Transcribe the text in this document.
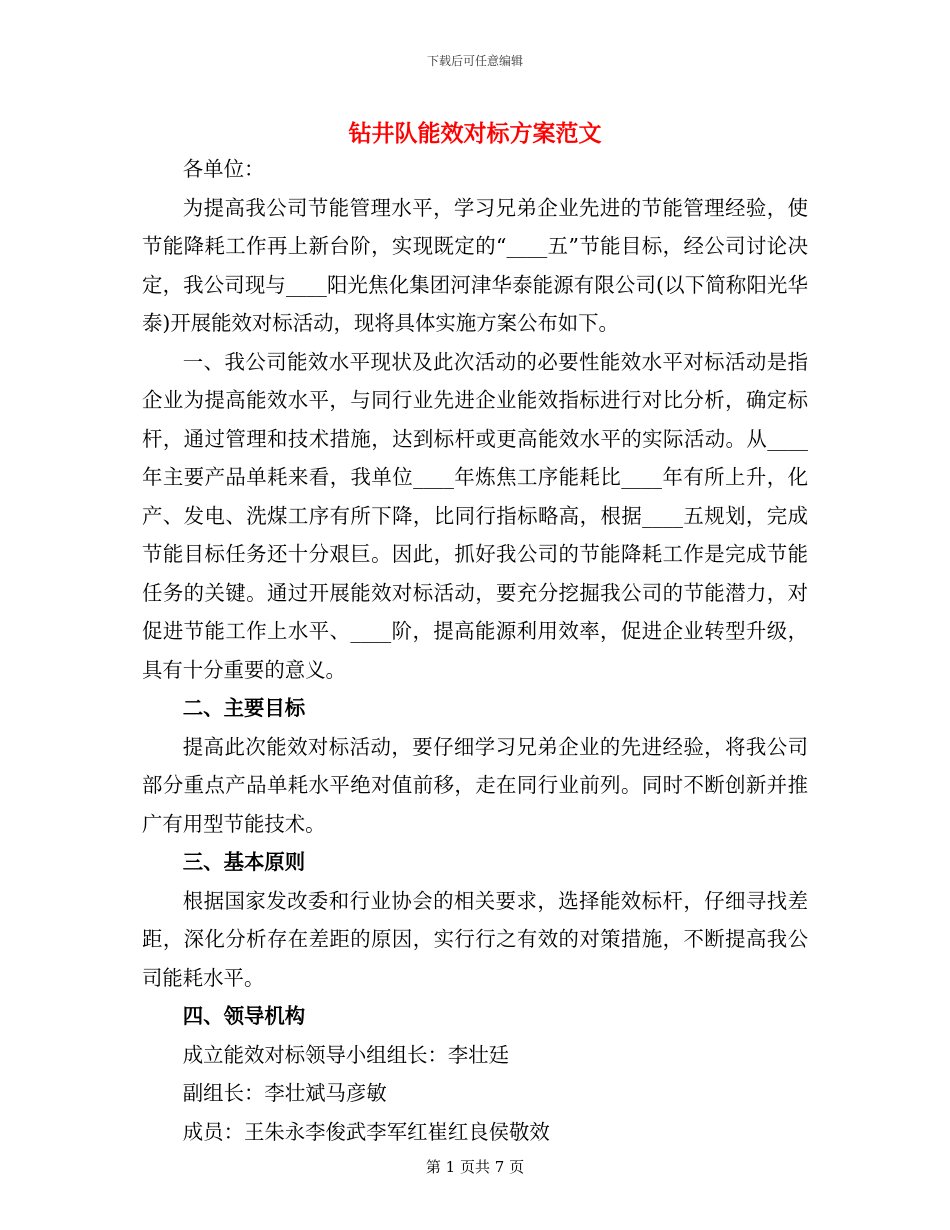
下载后可任意编辑
钻井队能效对标方案范文
各单位：

为提高我公司节能管理水平，学习兄弟企业先进的节能管理经验，使节能降耗工作再上新台阶，实现既定的“____五”节能目标，经公司讨论决定，我公司现与____阳光焦化集团河津华泰能源有限公司(以下简称阳光华泰)开展能效对标活动，现将具体实施方案公布如下。

一、我公司能效水平现状及此次活动的必要性能效水平对标活动是指企业为提高能效水平，与同行业先进企业能效指标进行对比分析，确定标杆，通过管理和技术措施，达到标杆或更高能效水平的实际活动。从____年主要产品单耗来看，我单位____年炼焦工序能耗比____年有所上升，化产、发电、洗煤工序有所下降，比同行指标略高，根据____五规划，完成节能目标任务还十分艰巨。因此，抓好我公司的节能降耗工作是完成节能任务的关键。通过开展能效对标活动，要充分挖掘我公司的节能潜力，对促进节能工作上水平、____阶，提高能源利用效率，促进企业转型升级，具有十分重要的意义。

二、主要目标

提高此次能效对标活动，要仔细学习兄弟企业的先进经验，将我公司部分重点产品单耗水平绝对值前移，走在同行业前列。同时不断创新并推广有用型节能技术。

三、基本原则

根据国家发改委和行业协会的相关要求，选择能效标杆，仔细寻找差距，深化分析存在差距的原因，实行行之有效的对策措施，不断提高我公司能耗水平。

四、领导机构
成立能效对标领导小组组长：李壮廷
副组长：李壮斌马彦敏
成员：王朱永李俊武李军红崔红良侯敬效
第 1 页共 7 页
